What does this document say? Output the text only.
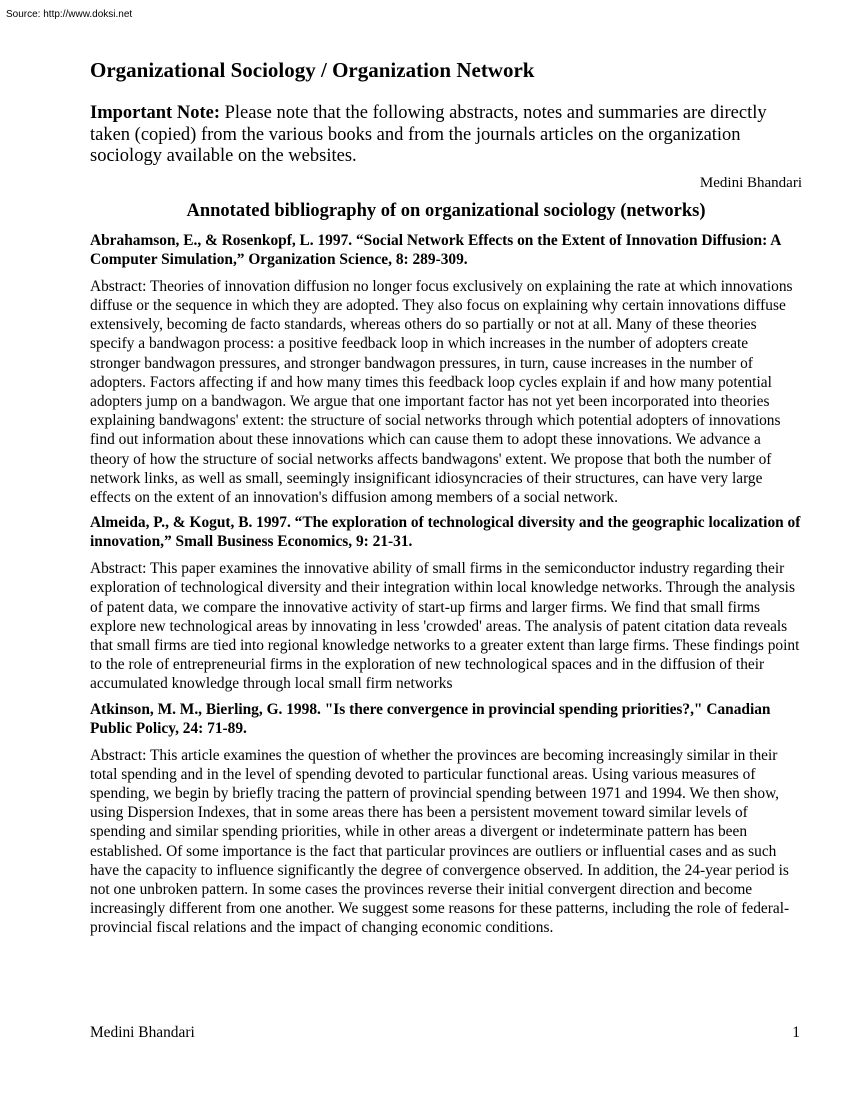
Source: http://www.doksi.net
Organizational Sociology / Organization Network

Important Note: Please note that the following abstracts, notes and summaries are directly taken (copied) from the various books and from the journals articles on the organization sociology available on the websites.

Medini Bhandari
Annotated bibliography of on organizational sociology (networks)
Abrahamson, E., & Rosenkopf, L. 1997. “Social Network Effects on the Extent of Innovation Diffusion: A Computer Simulation,” Organization Science, 8: 289-309.
Abstract: Theories of innovation diffusion no longer focus exclusively on explaining the rate at which innovations diffuse or the sequence in which they are adopted. They also focus on explaining why certain innovations diffuse extensively, becoming de facto standards, whereas others do so partially or not at all. Many of these theories specify a bandwagon process: a positive feedback loop in which increases in the number of adopters create stronger bandwagon pressures, and stronger bandwagon pressures, in turn, cause increases in the number of adopters. Factors affecting if and how many times this feedback loop cycles explain if and how many potential adopters jump on a bandwagon. We argue that one important factor has not yet been incorporated into theories explaining bandwagons' extent: the structure of social networks through which potential adopters of innovations find out information about these innovations which can cause them to adopt these innovations. We advance a theory of how the structure of social networks affects bandwagons' extent. We propose that both the number of network links, as well as small, seemingly insignificant idiosyncracies of their structures, can have very large effects on the extent of an innovation's diffusion among members of a social network.
Almeida, P., & Kogut, B. 1997. “The exploration of technological diversity and the geographic localization of innovation,” Small Business Economics, 9: 21-31.
Abstract: This paper examines the innovative ability of small firms in the semiconductor industry regarding their exploration of technological diversity and their integration within local knowledge networks. Through the analysis of patent data, we compare the innovative activity of start-up firms and larger firms. We find that small firms explore new technological areas by innovating in less 'crowded' areas. The analysis of patent citation data reveals that small firms are tied into regional knowledge networks to a greater extent than large firms. These findings point to the role of entrepreneurial firms in the exploration of new technological spaces and in the diffusion of their accumulated knowledge through local small firm networks
Atkinson, M. M., Bierling, G. 1998. "Is there convergence in provincial spending priorities?," Canadian Public Policy, 24: 71-89.
Abstract: This article examines the question of whether the provinces are becoming increasingly similar in their total spending and in the level of spending devoted to particular functional areas. Using various measures of spending, we begin by briefly tracing the pattern of provincial spending between 1971 and 1994. We then show, using Dispersion Indexes, that in some areas there has been a persistent movement toward similar levels of spending and similar spending priorities, while in other areas a divergent or indeterminate pattern has been established. Of some importance is the fact that particular provinces are outliers or influential cases and as such have the capacity to influence significantly the degree of convergence observed. In addition, the 24-year period is not one unbroken pattern. In some cases the provinces reverse their initial convergent direction and become increasingly different from one another. We suggest some reasons for these patterns, including the role of federal-provincial fiscal relations and the impact of changing economic conditions.
Medini Bhandari	1
